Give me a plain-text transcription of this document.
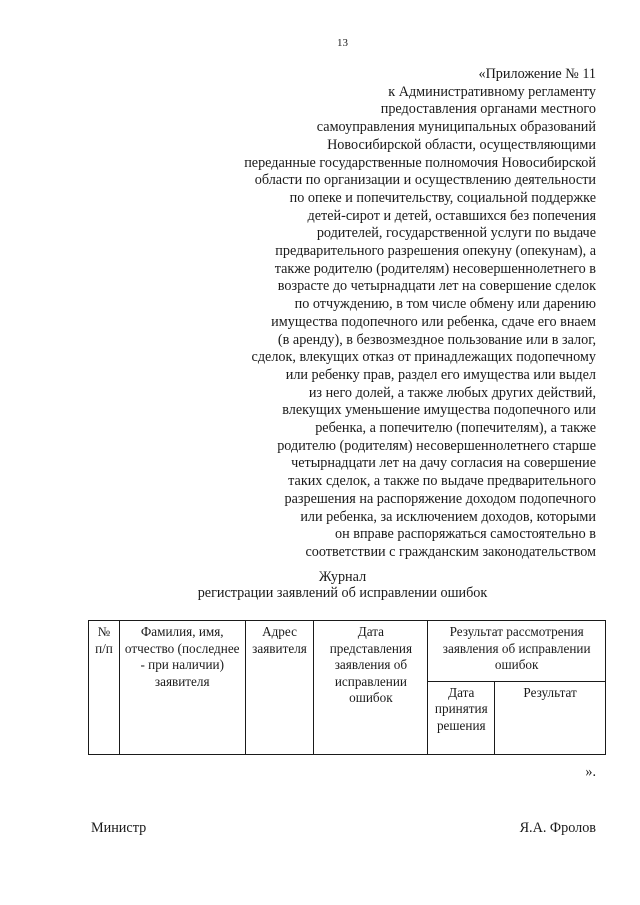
13
«Приложение № 11
к Административному регламенту
предоставления органами местного
самоуправления муниципальных образований
Новосибирской области, осуществляющими
переданные государственные полномочия Новосибирской
области по организации и осуществлению деятельности
по опеке и попечительству, социальной поддержке
детей-сирот и детей, оставшихся без попечения
родителей, государственной услуги по выдаче
предварительного разрешения опекуну (опекунам), а
также родителю (родителям) несовершеннолетнего в
возрасте до четырнадцати лет на совершение сделок
по отчуждению, в том числе обмену или дарению
имущества подопечного или ребенка, сдаче его внаем
(в аренду), в безвозмездное пользование или в залог,
сделок, влекущих отказ от принадлежащих подопечному
или ребенку прав, раздел его имущества или выдел
из него долей, а также любых других действий,
влекущих уменьшение имущества подопечного или
ребенка, а попечителю (попечителям), а также
родителю (родителям) несовершеннолетнего старше
четырнадцати лет на дачу согласия на совершение
таких сделок, а также по выдаче предварительного
разрешения на распоряжение доходом подопечного
или ребенка, за исключением доходов, которыми
он вправе распоряжаться самостоятельно в
соответствии с гражданским законодательством
Журнал
регистрации заявлений об исправлении ошибок
№ п/п	Фамилия, имя, отчество (последнее - при наличии) заявителя	Адрес заявителя	Дата представления заявления об исправлении ошибок	Результат рассмотрения заявления об исправлении ошибок	
				Дата принятия решения	Результат
».
Министр	Я.А. Фролов
